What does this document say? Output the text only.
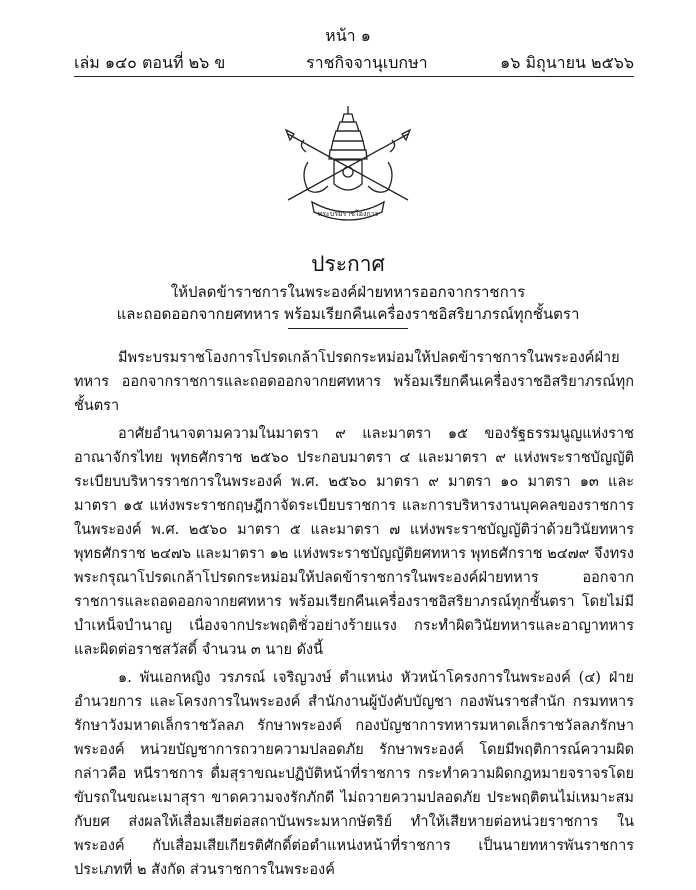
หน้า ๑
เล่ม ๑๔๐ ตอนที่ ๒๖ ข	ราชกิจจานุเบกษา	๑๖ มิถุนายน ๒๕๖๖
พระบรมราชโองการ
ประกาศ
ให้ปลดข้าราชการในพระองค์ฝ่ายทหารออกจากราชการ
และถอดออกจากยศทหาร พร้อมเรียกคืนเครื่องราชอิสริยาภรณ์ทุกชั้นตรา

มีพระบรมราชโองการโปรดเกล้าโปรดกระหม่อมให้ปลดข้าราชการในพระองค์ฝ่ายทหาร ออกจากราชการและถอดออกจากยศทหาร พร้อมเรียกคืนเครื่องราชอิสริยาภรณ์ทุกชั้นตรา

อาศัยอำนาจตามความในมาตรา ๙ และมาตรา ๑๕ ของรัฐธรรมนูญแห่งราชอาณาจักรไทย พุทธศักราช ๒๕๖๐ ประกอบมาตรา ๔ และมาตรา ๙ แห่งพระราชบัญญัติระเบียบบริหารราชการในพระองค์ พ.ศ. ๒๕๖๐ มาตรา ๙ มาตรา ๑๐ มาตรา ๑๓ และมาตรา ๑๕ แห่งพระราชกฤษฎีกาจัดระเบียบราชการ และการบริหารงานบุคคลของราชการในพระองค์ พ.ศ. ๒๕๖๐ มาตรา ๕ และมาตรา ๗ แห่งพระราชบัญญัติว่าด้วยวินัยทหาร พุทธศักราช ๒๔๗๖ และมาตรา ๑๒ แห่งพระราชบัญญัติยศทหาร พุทธศักราช ๒๔๗๙ จึงทรงพระกรุณาโปรดเกล้าโปรดกระหม่อมให้ปลดข้าราชการในพระองค์ฝ่ายทหาร ออกจากราชการและถอดออกจากยศทหาร พร้อมเรียกคืนเครื่องราชอิสริยาภรณ์ทุกชั้นตรา โดยไม่มีบำเหน็จบำนาญ เนื่องจากประพฤติชั่วอย่างร้ายแรง กระทำผิดวินัยทหารและอาญาทหาร และผิดต่อราชสวัสดิ์ จำนวน ๓ นาย ดังนี้

๑. พันเอกหญิง วรภรณ์ เจริญวงษ์ ตำแหน่ง หัวหน้าโครงการในพระองค์ (๔) ฝ่ายอำนวยการ และโครงการในพระองค์ สำนักงานผู้บังคับบัญชา กองพันราชสำนัก กรมทหารรักษาวังมหาดเล็กราชวัลลภ รักษาพระองค์ กองบัญชาการทหารมหาดเล็กราชวัลลภรักษาพระองค์ หน่วยบัญชาการถวายความปลอดภัย รักษาพระองค์ โดยมีพฤติการณ์ความผิด กล่าวคือ หนีราชการ ดื่มสุราขณะปฏิบัติหน้าที่ราชการ กระทำความผิดกฎหมายจราจรโดยขับรถในขณะเมาสุรา ขาดความจงรักภักดี ไม่ถวายความปลอดภัย ประพฤติตนไม่เหมาะสมกับยศ ส่งผลให้เสื่อมเสียต่อสถาบันพระมหากษัตริย์ ทำให้เสียหายต่อหน่วยราชการ ในพระองค์ กับเสื่อมเสียเกียรติศักดิ์ต่อตำแหน่งหน้าที่ราชการ เป็นนายทหารพันราชการประเภทที่ ๒ สังกัด ส่วนราชการในพระองค์
